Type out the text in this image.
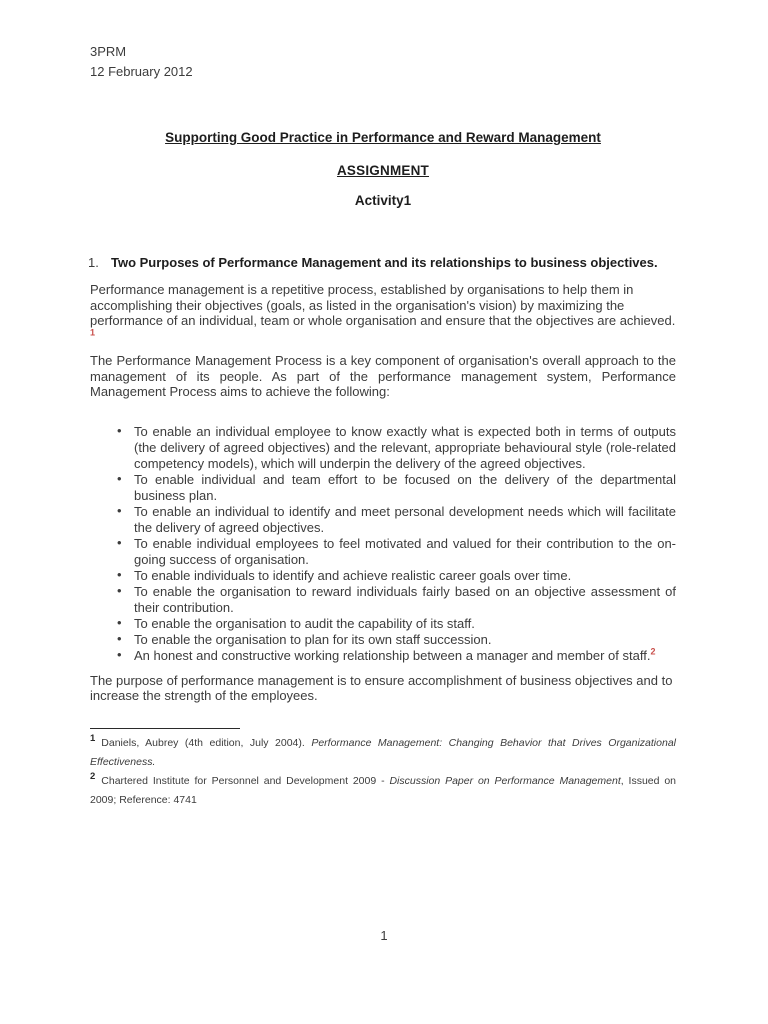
3PRM
12 February 2012
Supporting Good Practice in Performance and Reward Management
ASSIGNMENT
Activity1
1. Two Purposes of Performance Management and its relationships to business objectives.

Performance management is a repetitive process, established by organisations to help them in accomplishing their objectives (goals, as listed in the organisation's vision) by maximizing the performance of an individual, team or whole organisation and ensure that the objectives are achieved. $^1$

The Performance Management Process is a key component of organisation's overall approach to the management of its people. As part of the performance management system, Performance Management Process aims to achieve the following:

• To enable an individual employee to know exactly what is expected both in terms of outputs (the delivery of agreed objectives) and the relevant, appropriate behavioural style (role-related competency models), which will underpin the delivery of the agreed objectives.
• To enable individual and team effort to be focused on the delivery of the departmental business plan.
• To enable an individual to identify and meet personal development needs which will facilitate the delivery of agreed objectives.
• To enable individual employees to feel motivated and valued for their contribution to the on-going success of organisation.
• To enable individuals to identify and achieve realistic career goals over time.
• To enable the organisation to reward individuals fairly based on an objective assessment of their contribution.
• To enable the organisation to audit the capability of its staff.
• To enable the organisation to plan for its own staff succession.
• An honest and constructive working relationship between a manager and member of staff.$^2$

The purpose of performance management is to ensure accomplishment of business objectives and to increase the strength of the employees.

$^1$ Daniels, Aubrey (4th edition, July 2004). Performance Management: Changing Behavior that Drives Organizational Effectiveness.
$^2$ Chartered Institute for Personnel and Development 2009 - Discussion Paper on Performance Management, Issued on 2009; Reference: 4741
1
